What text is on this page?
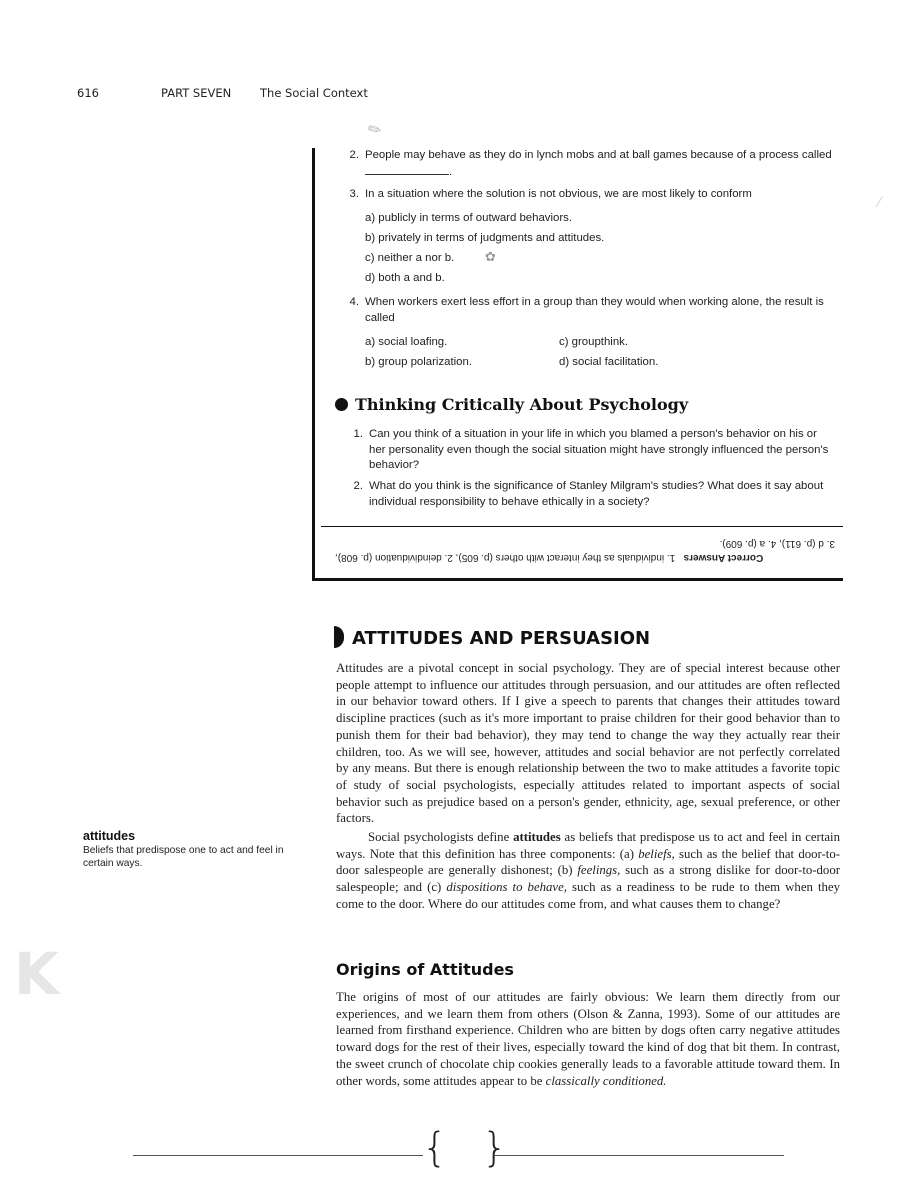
616	PART SEVEN	The Social Context
✎
⁄
K
2. People may behave as they do in lynch mobs and at ball games because of a process called .
3. In a situation where the solution is not obvious, we are most likely to conform
a) publicly in terms of outward behaviors.
b) privately in terms of judgments and attitudes.
c) neither a nor b. ✿
d) both a and b.
4. When workers exert less effort in a group than they would when working alone, the result is called
a) social loafing.	c) groupthink.
b) group polarization.	d) social facilitation.
Thinking Critically About Psychology
1. Can you think of a situation in your life in which you blamed a person's behavior on his or her personality even though the social situation might have strongly influenced the person's behavior?
2. What do you think is the significance of Stanley Milgram's studies? What does it say about individual responsibility to behave ethically in a society?
Correct Answers   1. individuals as they interact with others (p. 605), 2. deindividuation (p. 608),
3. d (p. 611), 4. a (p. 609).
ATTITUDES AND PERSUASION

Attitudes are a pivotal concept in social psychology. They are of special interest because other people attempt to influence our attitudes through persuasion, and our attitudes are often reflected in our behavior toward others. If I give a speech to parents that changes their attitudes toward discipline practices (such as it's more important to praise children for their good behavior than to punish them for their bad behavior), they may tend to change the way they actually rear their children, too. As we will see, however, attitudes and social behavior are not perfectly correlated by any means. But there is enough relationship between the two to make attitudes a favorite topic of study of social psychologists, especially attitudes related to important aspects of social behavior such as prejudice based on a person's gender, ethnicity, age, sexual preference, or other factors.

Social psychologists define attitudes as beliefs that predispose us to act and feel in certain ways. Note that this definition has three components: (a) beliefs, such as the belief that door-to-door salespeople are generally dishonest; (b) feelings, such as a strong dislike for door-to-door salespeople; and (c) dispositions to behave, such as a readiness to be rude to them when they come to the door. Where do our attitudes come from, and what causes them to change?

Origins of Attitudes

The origins of most of our attitudes are fairly obvious: We learn them directly from our experiences, and we learn them from others (Olson & Zanna, 1993). Some of our attitudes are learned from firsthand experience. Children who are bitten by dogs often carry negative attitudes toward dogs for the rest of their lives, especially toward the kind of dog that bit them. In contrast, the sweet crunch of chocolate chip cookies generally leads to a favorable attitude toward them. In other words, some attitudes appear to be classically conditioned.

attitudes
Beliefs that predispose one to act and feel in certain ways.
{ }
